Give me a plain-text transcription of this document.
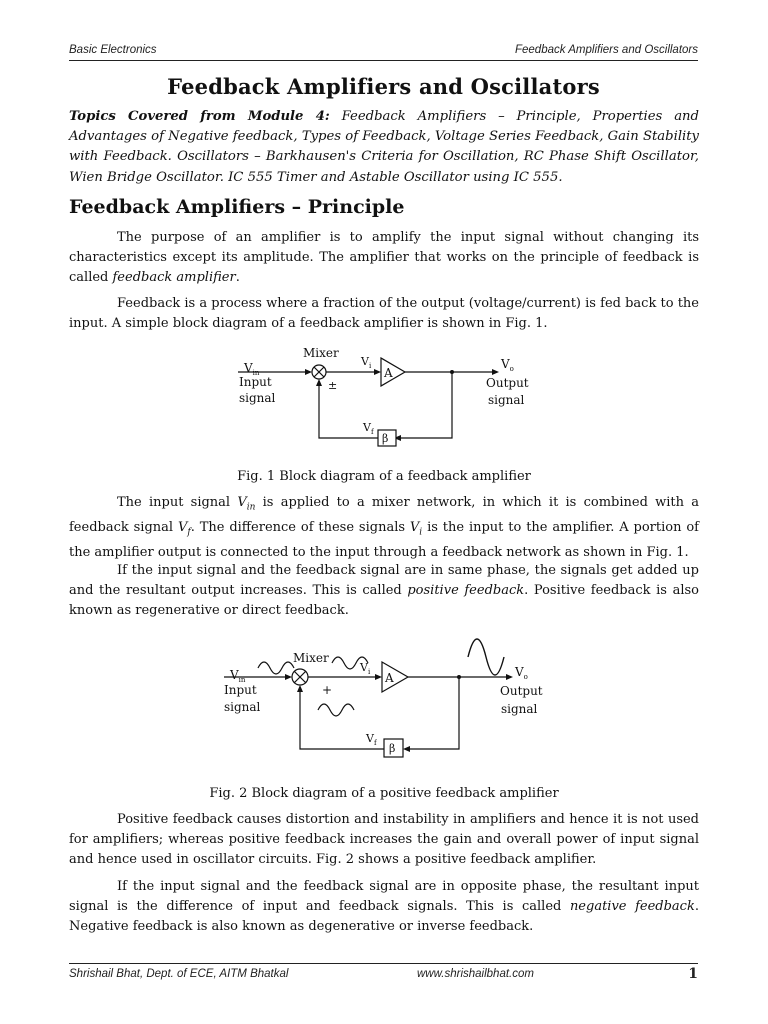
Basic Electronics	Feedback Amplifiers and Oscillators
Feedback Amplifiers and Oscillators
Topics Covered from Module 4: Feedback Amplifiers – Principle, Properties and Advantages of Negative feedback, Types of Feedback, Voltage Series Feedback, Gain Stability with Feedback. Oscillators – Barkhausen's Criteria for Oscillation, RC Phase Shift Oscillator, Wien Bridge Oscillator. IC 555 Timer and Astable Oscillator using IC 555.
Feedback Amplifiers – Principle
The purpose of an amplifier is to amplify the input signal without changing its characteristics except its amplitude. The amplifier that works on the principle of feedback is called feedback amplifier.
Feedback is a process where a fraction of the output (voltage/current) is fed back to the input. A simple block diagram of a feedback amplifier is shown in Fig. 1.
Mixer
$V_{in}$
Input
signal
±
$V_i$ A
$V_o$
Output
signal
β
$V_f$
Fig. 1 Block diagram of a feedback amplifier
The input signal $V_{in}$ is applied to a mixer network, in which it is combined with a feedback signal $V_f$. The difference of these signals $V_i$ is the input to the amplifier. A portion of the amplifier output is connected to the input through a feedback network as shown in Fig. 1.
If the input signal and the feedback signal are in same phase, the signals get added up and the resultant output increases. This is called positive feedback. Positive feedback is also known as regenerative or direct feedback.
Mixer
$V_{in}$
Input
signal
+
$V_i$ A	$V_o$
Output
signal
β
$V_f$
Fig. 2 Block diagram of a positive feedback amplifier
Positive feedback causes distortion and instability in amplifiers and hence it is not used for amplifiers; whereas positive feedback increases the gain and overall power of input signal and hence used in oscillator circuits. Fig. 2 shows a positive feedback amplifier.
If the input signal and the feedback signal are in opposite phase, the resultant input signal is the difference of input and feedback signals. This is called negative feedback. Negative feedback is also known as degenerative or inverse feedback.
Shrishail Bhat, Dept. of ECE, AITM Bhatkal	www.shrishailbhat.com	1
